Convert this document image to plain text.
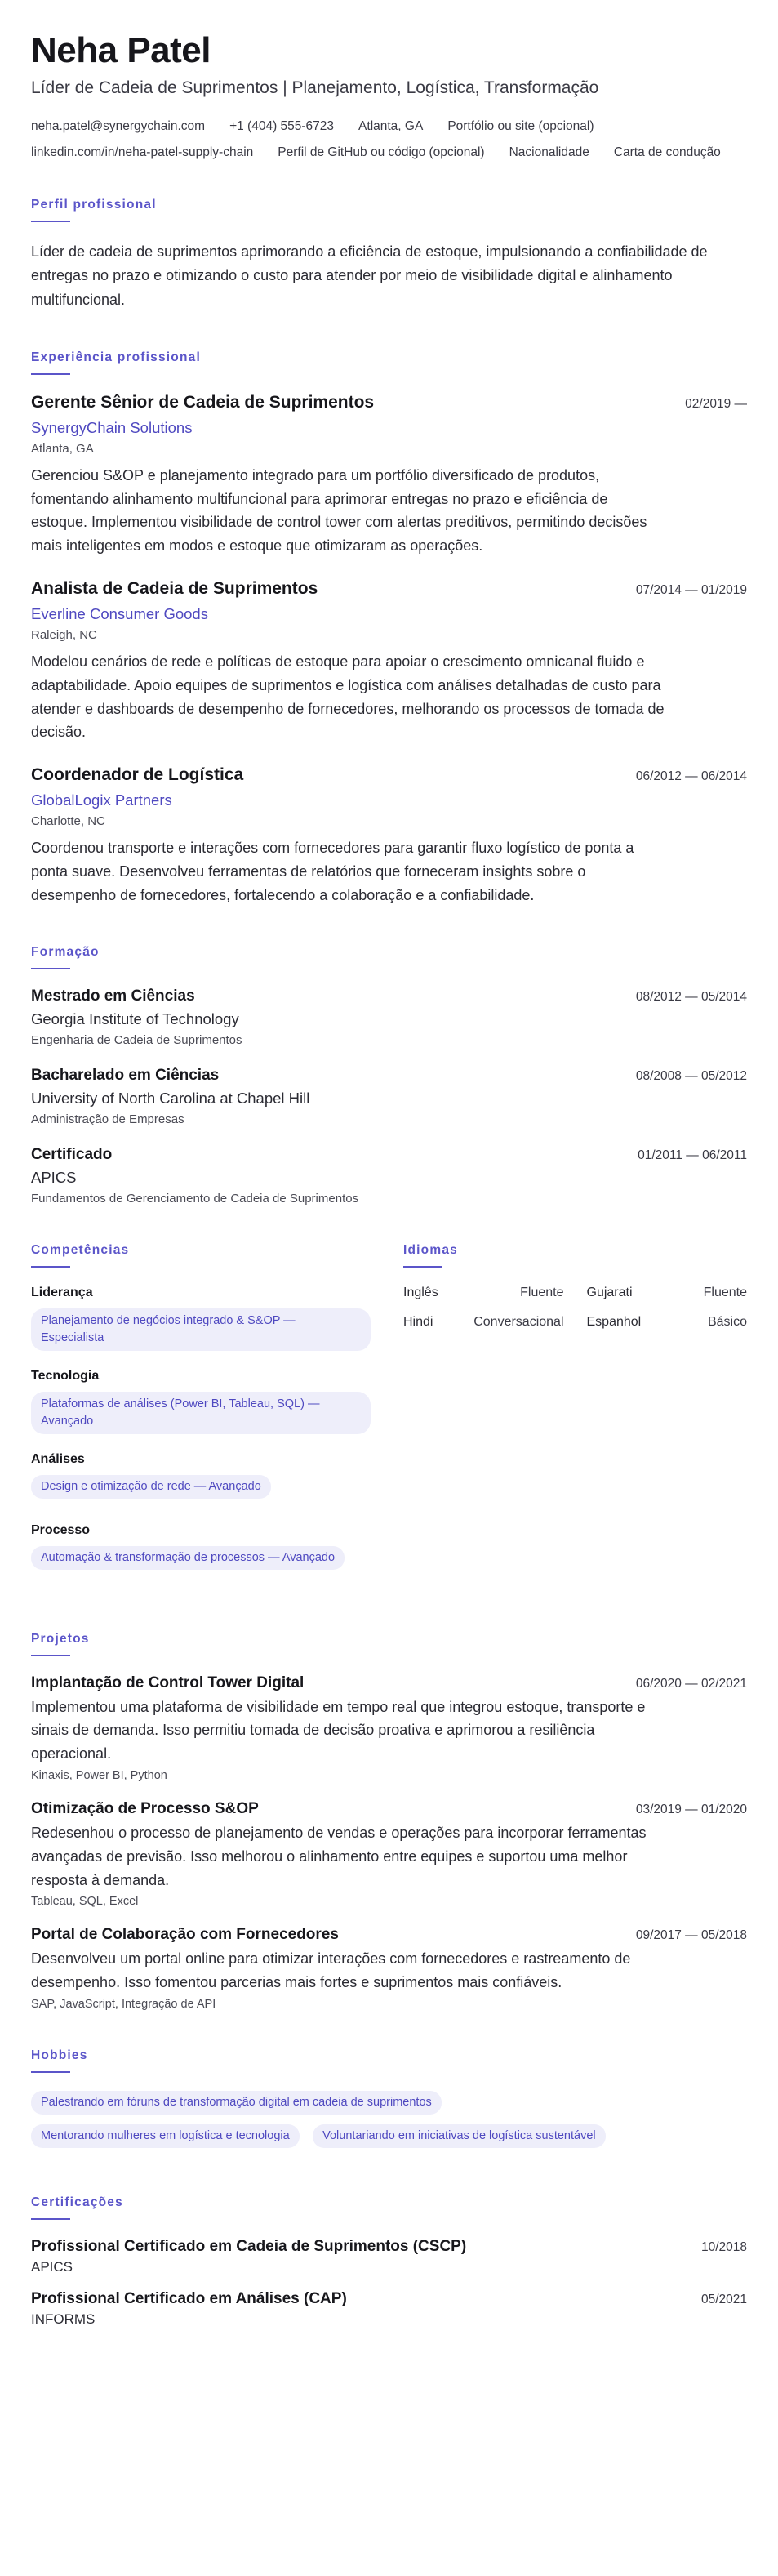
Neha Patel
Líder de Cadeia de Suprimentos | Planejamento, Logística, Transformação
neha.patel@synergychain.com +1 (404) 555-6723 Atlanta, GA Portfólio ou site (opcional)
linkedin.com/in/neha-patel-supply-chain Perfil de GitHub ou código (opcional) Nacionalidade Carta de condução
Perfil profissional

Líder de cadeia de suprimentos aprimorando a eficiência de estoque, impulsionando a confiabilidade de entregas no prazo e otimizando o custo para atender por meio de visibilidade digital e alinhamento multifuncional.

Experiência profissional
Gerente Sênior de Cadeia de Suprimentos	02/2019 —
SynergyChain Solutions
Atlanta, GA

Gerenciou S&OP e planejamento integrado para um portfólio diversificado de produtos, fomentando alinhamento multifuncional para aprimorar entregas no prazo e eficiência de estoque. Implementou visibilidade de control tower com alertas preditivos, permitindo decisões mais inteligentes em modos e estoque que otimizaram as operações.

Analista de Cadeia de Suprimentos	07/2014 — 01/2019
Everline Consumer Goods
Raleigh, NC

Modelou cenários de rede e políticas de estoque para apoiar o crescimento omnicanal fluido e adaptabilidade. Apoio equipes de suprimentos e logística com análises detalhadas de custo para atender e dashboards de desempenho de fornecedores, melhorando os processos de tomada de decisão.

Coordenador de Logística	06/2012 — 06/2014
GlobalLogix Partners
Charlotte, NC

Coordenou transporte e interações com fornecedores para garantir fluxo logístico de ponta a ponta suave. Desenvolveu ferramentas de relatórios que forneceram insights sobre o desempenho de fornecedores, fortalecendo a colaboração e a confiabilidade.

Formação
Mestrado em Ciências	08/2012 — 05/2014
Georgia Institute of Technology
Engenharia de Cadeia de Suprimentos
Bacharelado em Ciências	08/2008 — 05/2012
University of North Carolina at Chapel Hill
Administração de Empresas
Certificado	01/2011 — 06/2011
APICS
Fundamentos de Gerenciamento de Cadeia de Suprimentos
Competências
Liderança
Planejamento de negócios integrado & S&OP — Especialista
Tecnologia
Plataformas de análises (Power BI, Tableau, SQL) — Avançado
Análises
Design e otimização de rede — Avançado
Processo
Automação & transformação de processos — Avançado
Idiomas
Inglês	Fluente Gujarati	Fluente
Hindi	Conversacional Espanhol	Básico
Projetos
Implantação de Control Tower Digital	06/2020 — 02/2021

Implementou uma plataforma de visibilidade em tempo real que integrou estoque, transporte e sinais de demanda. Isso permitiu tomada de decisão proativa e aprimorou a resiliência operacional.

Kinaxis, Power BI, Python
Otimização de Processo S&OP	03/2019 — 01/2020

Redesenhou o processo de planejamento de vendas e operações para incorporar ferramentas avançadas de previsão. Isso melhorou o alinhamento entre equipes e suportou uma melhor resposta à demanda.

Tableau, SQL, Excel
Portal de Colaboração com Fornecedores	09/2017 — 05/2018

Desenvolveu um portal online para otimizar interações com fornecedores e rastreamento de desempenho. Isso fomentou parcerias mais fortes e suprimentos mais confiáveis.

SAP, JavaScript, Integração de API
Hobbies
Palestrando em fóruns de transformação digital em cadeia de suprimentos
Mentorando mulheres em logística e tecnologia	Voluntariando em iniciativas de logística sustentável
Certificações
Profissional Certificado em Cadeia de Suprimentos (CSCP)	10/2018
APICS
Profissional Certificado em Análises (CAP)	05/2021
INFORMS
